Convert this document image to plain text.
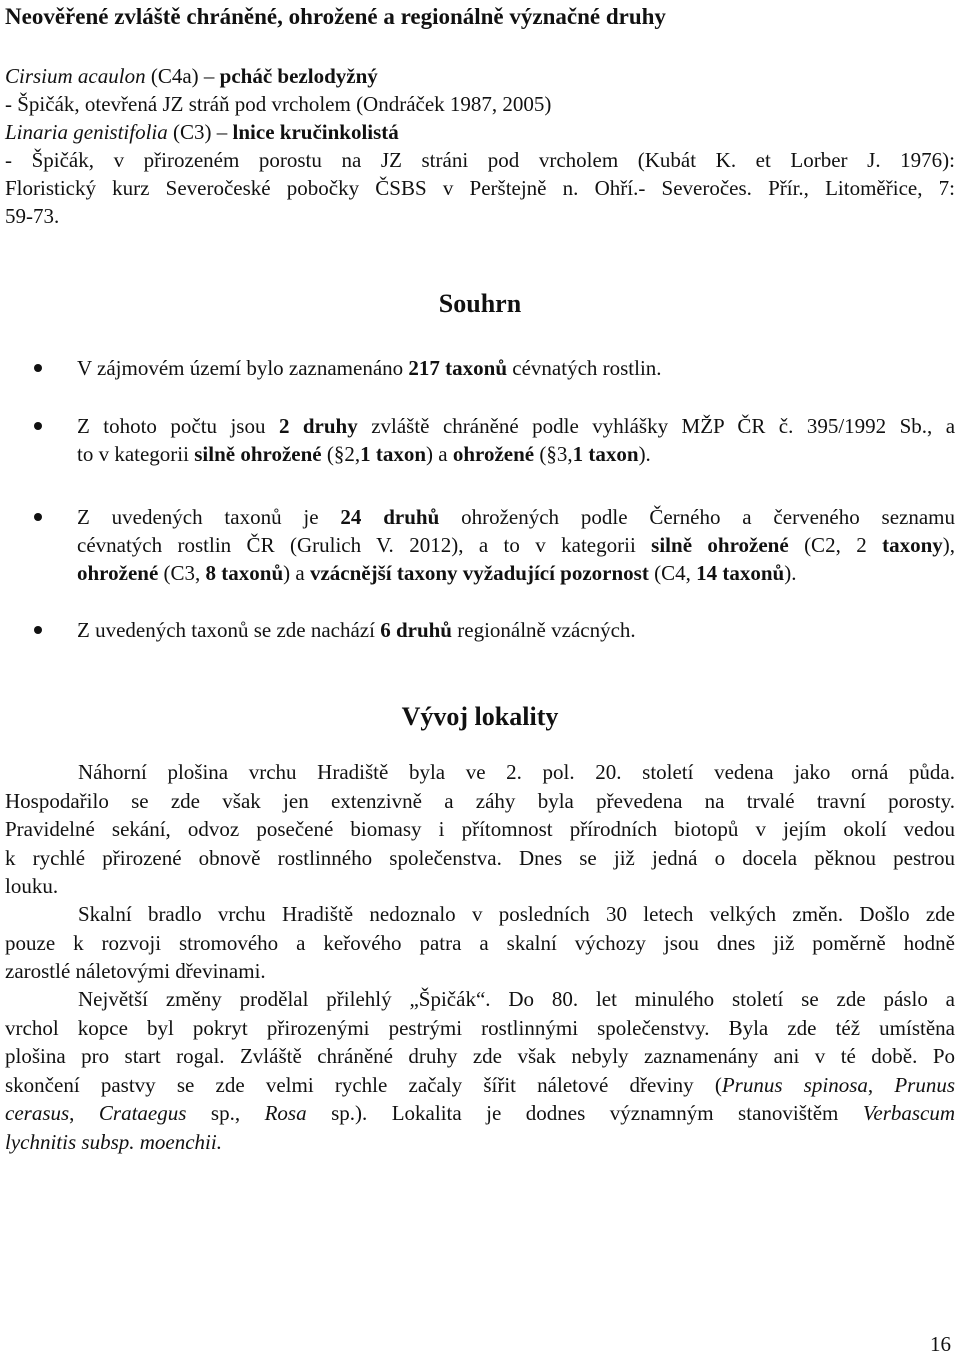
Neověřené zvláště chráněné, ohrožené a regionálně význačné druhy
Cirsium acaulon (C4a) – pcháč bezlodyžný
- Špičák, otevřená JZ stráň pod vrcholem (Ondráček 1987, 2005)
Linaria genistifolia (C3) – lnice kručinkolistá
- Špičák, v přirozeném porostu na JZ stráni pod vrcholem (Kubát K. et Lorber J. 1976):
Floristický kurz Severočeské pobočky ČSBS v Perštejně n. Ohří.- Severočes. Přír., Litoměřice, 7:
59-73.
Souhrn
V zájmovém území bylo zaznamenáno 217 taxonů cévnatých rostlin.
Z tohoto počtu jsou 2 druhy zvláště chráněné podle vyhlášky MŽP ČR č. 395/1992 Sb., a
to v kategorii silně ohrožené (§2,1 taxon) a ohrožené (§3,1 taxon).
Z uvedených taxonů je 24 druhů ohrožených podle Černého a červeného seznamu
cévnatých rostlin ČR (Grulich V. 2012), a to v kategorii silně ohrožené (C2, 2 taxony),
ohrožené (C3, 8 taxonů) a vzácnější taxony vyžadující pozornost (C4, 14 taxonů).
Z uvedených taxonů se zde nachází 6 druhů regionálně vzácných.
Vývoj lokality
Náhorní plošina vrchu Hradiště byla ve 2. pol. 20. století vedena jako orná půda.
Hospodařilo se zde však jen extenzivně a záhy byla převedena na trvalé travní porosty.
Pravidelné sekání, odvoz posečené biomasy i přítomnost přírodních biotopů v jejím okolí vedou
k rychlé přirozené obnově rostlinného společenstva. Dnes se již jedná o docela pěknou pestrou
louku.
Skalní bradlo vrchu Hradiště nedoznalo v posledních 30 letech velkých změn. Došlo zde
pouze k rozvoji stromového a keřového patra a skalní výchozy jsou dnes již poměrně hodně
zarostlé náletovými dřevinami.
Největší změny prodělal přilehlý „Špičák“. Do 80. let minulého století se zde páslo a
vrchol kopce byl pokryt přirozenými pestrými rostlinnými společenstvy. Byla zde též umístěna
plošina pro start rogal. Zvláště chráněné druhy zde však nebyly zaznamenány ani v té době. Po
skončení pastvy se zde velmi rychle začaly šířit náletové dřeviny (Prunus spinosa, Prunus
cerasus, Crataegus sp., Rosa sp.). Lokalita je dodnes významným stanovištěm Verbascum
lychnitis subsp. moenchii.
16
